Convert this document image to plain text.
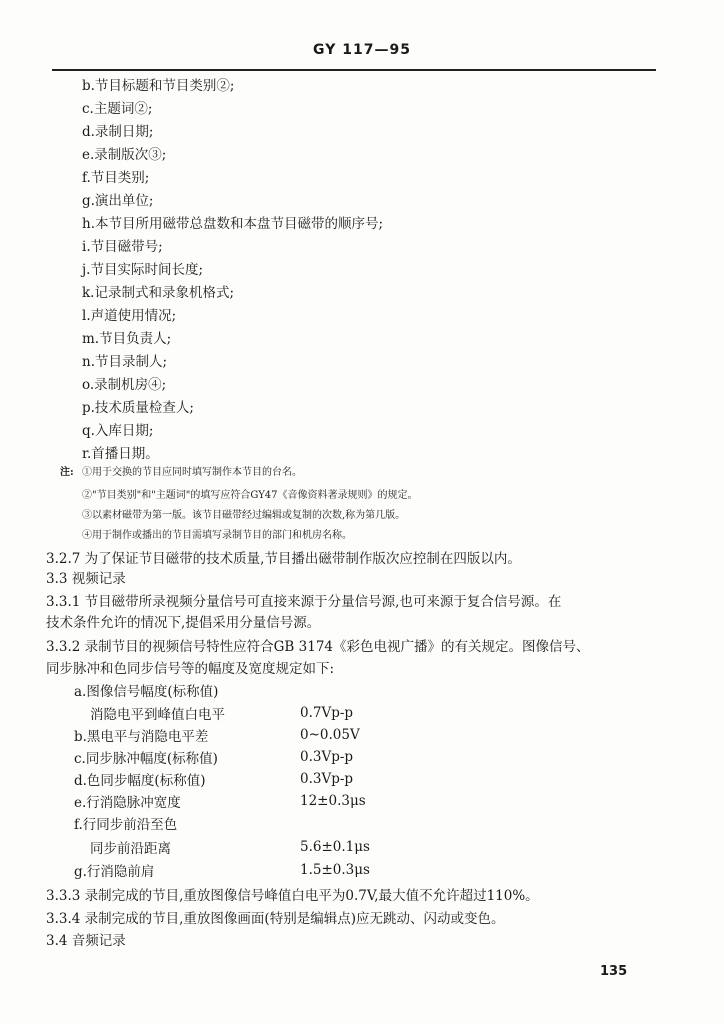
GY 117—95
b.节目标题和节目类别②;
c.主题词②;
d.录制日期;
e.录制版次③;
f.节目类别;
g.演出单位;
h.本节目所用磁带总盘数和本盘节目磁带的顺序号;
i.节目磁带号;
j.节目实际时间长度;
k.记录制式和录象机格式;
l.声道使用情况;
m.节目负责人;
n.节目录制人;
o.录制机房④;
p.技术质量检查人;
q.入库日期;
r.首播日期。
注: ①用于交换的节目应同时填写制作本节目的台名。
②"节目类别"和"主题词"的填写应符合GY47《音像资料著录规则》的规定。
③以素材磁带为第一版。该节目磁带经过编辑或复制的次数,称为第几版。
④用于制作或播出的节目需填写录制节目的部门和机房名称。
3.2.7 为了保证节目磁带的技术质量,节目播出磁带制作版次应控制在四版以内。
3.3 视频记录
3.3.1 节目磁带所录视频分量信号可直接来源于分量信号源,也可来源于复合信号源。在
技术条件允许的情况下,提倡采用分量信号源。
3.3.2 录制节目的视频信号特性应符合GB 3174《彩色电视广播》的有关规定。图像信号、
同步脉冲和色同步信号等的幅度及宽度规定如下:
a.图像信号幅度(标称值)
消隐电平到峰值白电平	0.7Vp-p
b.黑电平与消隐电平差	0~0.05V
c.同步脉冲幅度(标称值)	0.3Vp-p
d.色同步幅度(标称值)	0.3Vp-p
e.行消隐脉冲宽度	12±0.3μs
f.行同步前沿至色
同步前沿距离	5.6±0.1μs
g.行消隐前肩	1.5±0.3μs
3.3.3 录制完成的节目,重放图像信号峰值白电平为0.7V,最大值不允许超过110%。
3.3.4 录制完成的节目,重放图像画面(特别是编辑点)应无跳动、闪动或变色。
3.4 音频记录
135
